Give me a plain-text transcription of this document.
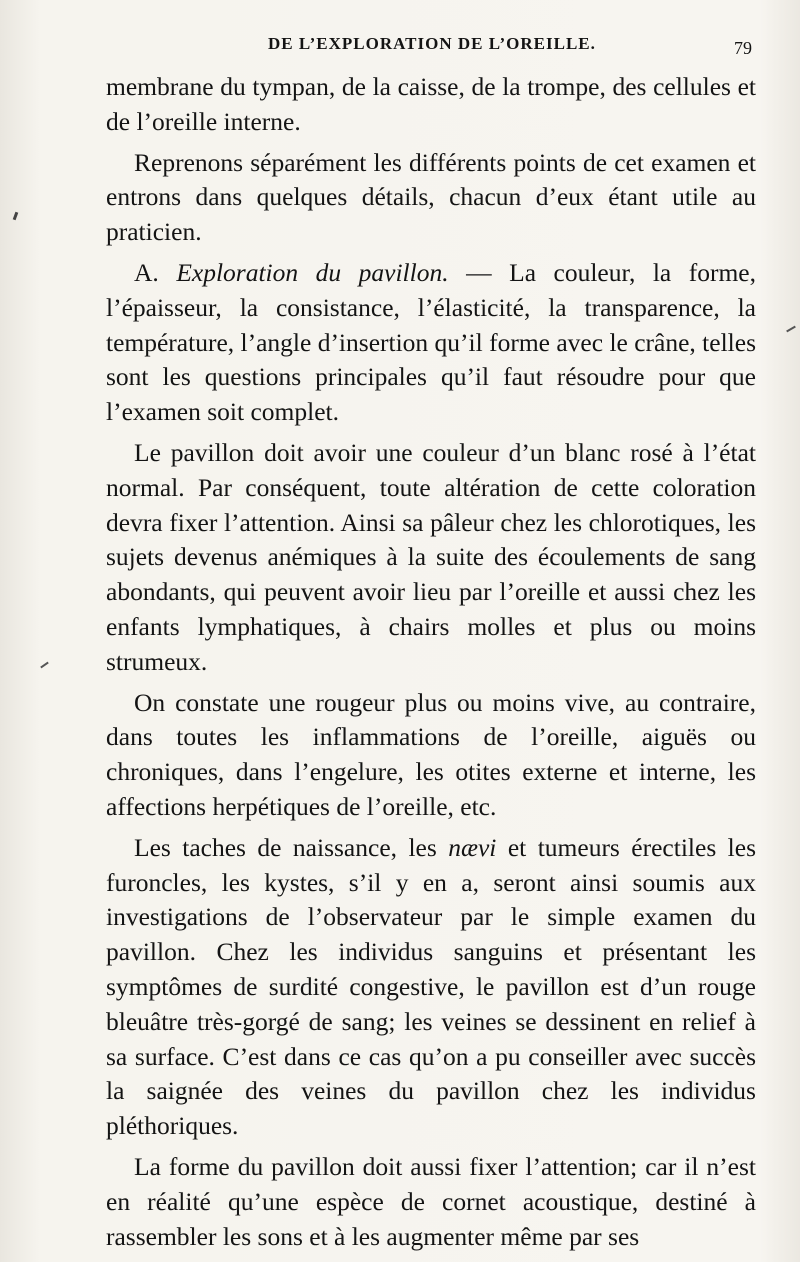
DE L’EXPLORATION DE L’OREILLE.	79

membrane du tympan, de la caisse, de la trompe, des cellules et de l’oreille interne.

Reprenons séparément les différents points de cet examen et entrons dans quelques détails, chacun d’eux étant utile au praticien.

A. Exploration du pavillon. — La couleur, la forme, l’épaisseur, la consistance, l’élasticité, la transparence, la température, l’angle d’insertion qu’il forme avec le crâne, telles sont les questions principales qu’il faut résoudre pour que l’examen soit complet.

Le pavillon doit avoir une couleur d’un blanc rosé à l’état normal. Par conséquent, toute altération de cette coloration devra fixer l’attention. Ainsi sa pâleur chez les chlorotiques, les sujets devenus anémiques à la suite des écoulements de sang abondants, qui peuvent avoir lieu par l’oreille et aussi chez les enfants lymphatiques, à chairs molles et plus ou moins strumeux.

On constate une rougeur plus ou moins vive, au contraire, dans toutes les inflammations de l’oreille, aiguës ou chroniques, dans l’engelure, les otites externe et interne, les affections herpétiques de l’oreille, etc.

Les taches de naissance, les nævi et tumeurs érectiles les furoncles, les kystes, s’il y en a, seront ainsi soumis aux investigations de l’observateur par le simple examen du pavillon. Chez les individus sanguins et présentant les symptômes de surdité congestive, le pavillon est d’un rouge bleuâtre très-gorgé de sang; les veines se dessinent en relief à sa surface. C’est dans ce cas qu’on a pu conseiller avec succès la saignée des veines du pavillon chez les individus pléthoriques.

La forme du pavillon doit aussi fixer l’attention; car il n’est en réalité qu’une espèce de cornet acoustique, destiné à rassembler les sons et à les augmenter même par ses
